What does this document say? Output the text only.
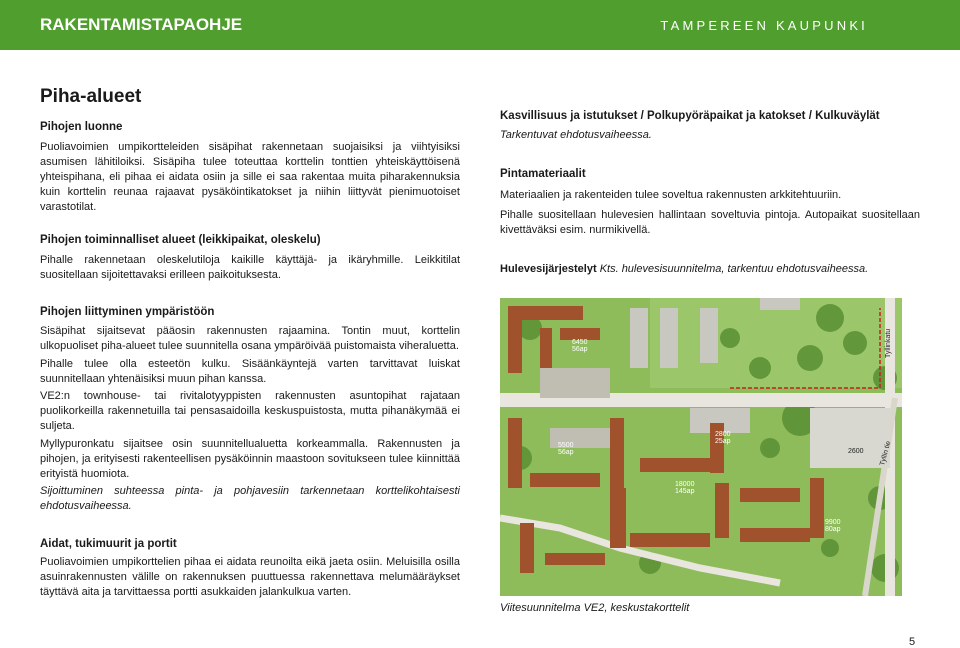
RAKENTAMISTAPAOHJE	TAMPEREEN KAUPUNKI
Piha-alueet
Pihojen luonne
Puoliavoimien umpikortteleiden sisäpihat rakennetaan suojaisiksi ja viihtyisiksi asumisen lähitiloiksi. Sisäpiha tulee toteuttaa korttelin tonttien yhteiskäyttöisenä yhteispihana, eli pihaa ei aidata osiin ja sille ei saa rakentaa muita piharakennuksia kuin korttelin reunaa rajaavat pysäköintikatokset ja niihin liittyvät pienimuotoiset varastotilat.
Pihojen toiminnalliset alueet (leikkipaikat, oleskelu)
Pihalle rakennetaan oleskelutiloja kaikille käyttäjä- ja ikäryhmille. Leikkitilat suositellaan sijoitettavaksi erilleen paikoituksesta.
Pihojen liittyminen ympäristöön
Sisäpihat sijaitsevat pääosin rakennusten rajaamina. Tontin muut, korttelin ulkopuoliset piha-alueet tulee suunnitella osana ympäröivää puistomaista viheraluetta.
Pihalle tulee olla esteetön kulku. Sisäänkäyntejä varten tarvittavat luiskat suunnitellaan yhtenäisiksi muun pihan kanssa.
VE2:n townhouse- tai rivitalotyyppisten rakennusten asuntopihat rajataan puolikorkeilla rakennetuilla tai pensasaidoilla keskuspuistosta, mutta pihanäkymää ei suljeta.
Myllypuronkatu sijaitsee osin suunnitellualuetta korkeammalla. Rakennusten ja pihojen, ja erityisesti rakenteellisen pysäköinnin maastoon sovitukseen tulee kiinnittää erityistä huomiota.
Sijoittuminen suhteessa pinta- ja pohjavesiin tarkennetaan korttelikohtaisesti ehdotusvaiheessa.
Aidat, tukimuurit ja portit
Puoliavoimien umpikorttelien pihaa ei aidata reunoilta eikä jaeta osiin. Meluisilla osilla asuinrakennusten välille on rakennuksen puuttuessa rakennettava melumääräykset täyttävä aita ja tarvittaessa portti asukkaiden jalankulkua varten.
Kasvillisuus ja istutukset / Polkupyöräpaikat ja katokset / Kulkuväylät
Tarkentuvat ehdotusvaiheessa.
Pintamateriaalit
Materiaalien ja rakenteiden tulee soveltua rakennusten arkkitehtuuriin.
Pihalle suositellaan hulevesien hallintaan soveltuvia pintoja. Autopaikat suositellaan kivettäväksi esim. nurmikivellä.
Hulevesijärjestelyt Kts. hulevesisuunnitelma, tarkentuu ehdotusvaiheessa.
6450
56ap
5500
56ap
2800
25ap
18000
145ap
9900
80ap
2600
Tyllinkatu
Tyllin tie
Viitesuunnitelma VE2, keskustakorttelit
5
